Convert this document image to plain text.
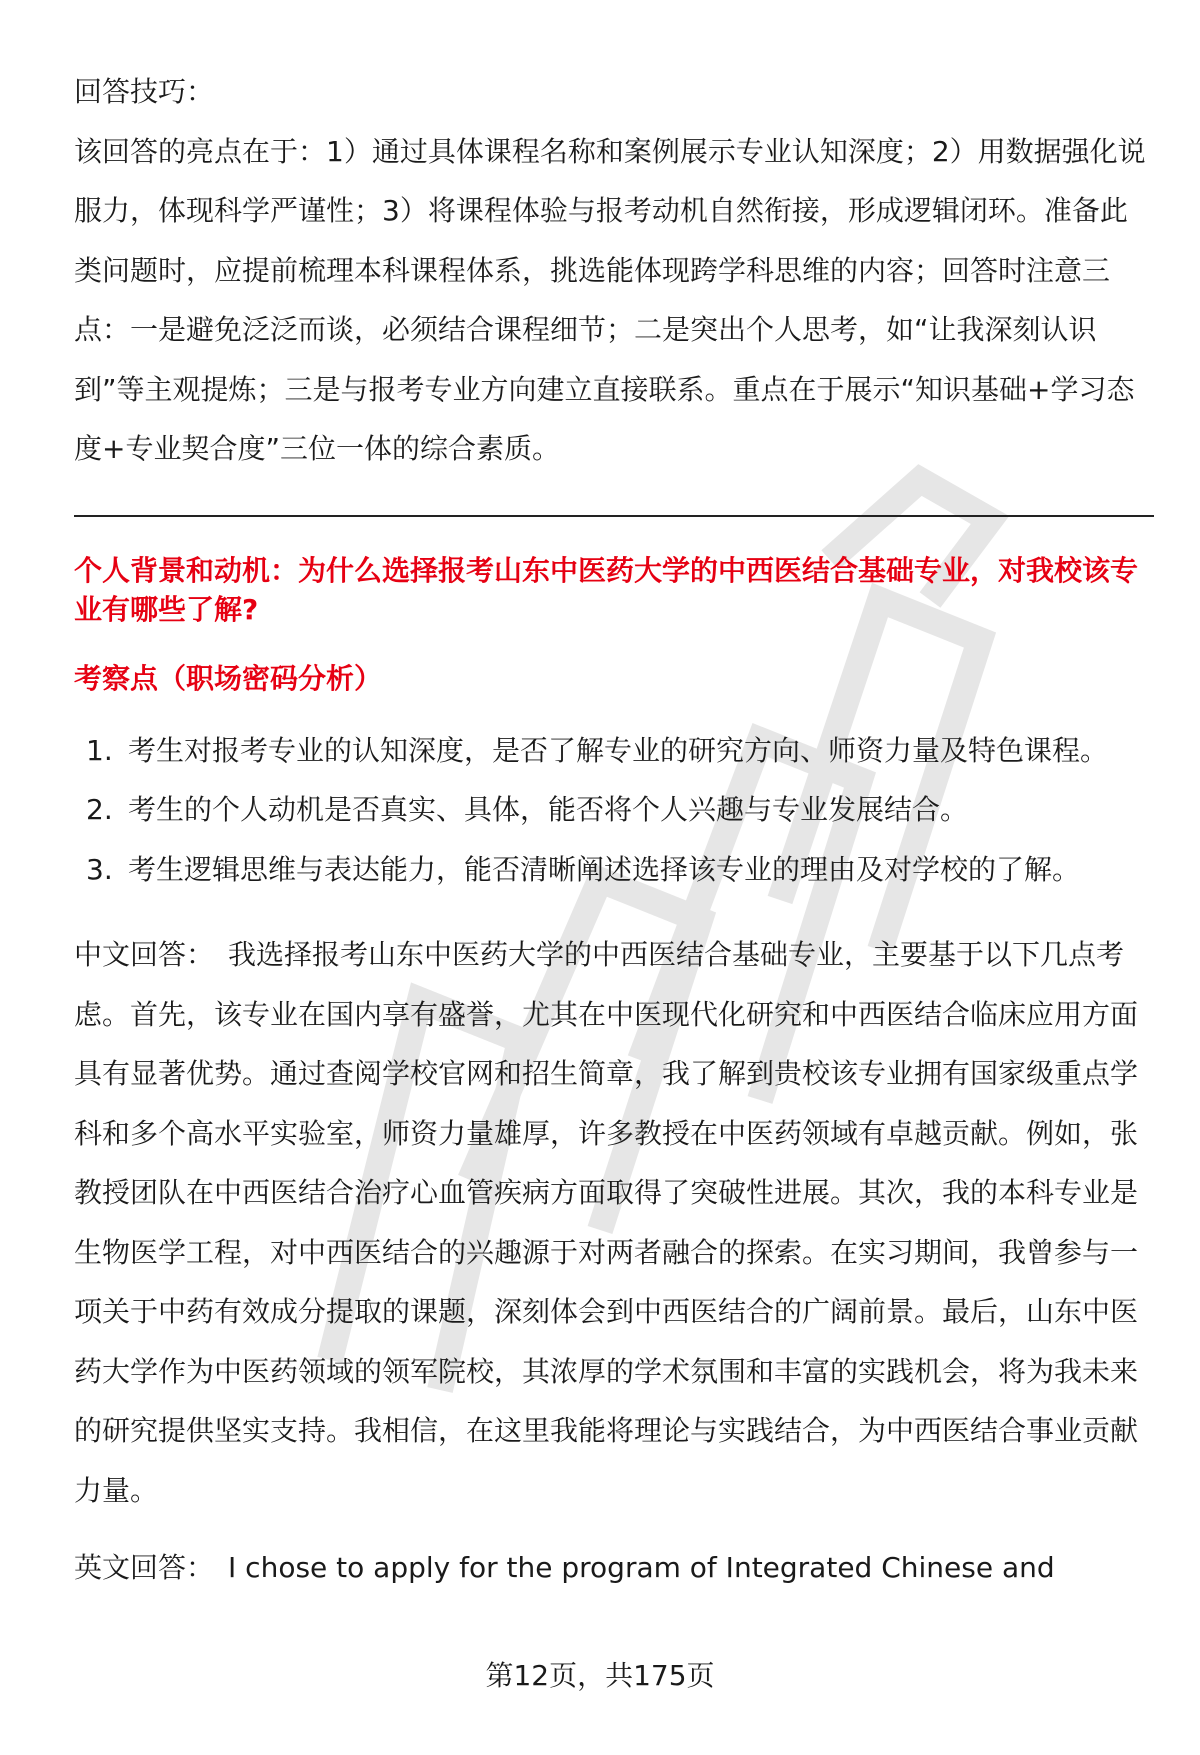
回答技巧：

该回答的亮点在于：1）通过具体课程名称和案例展示专业认知深度；2）用数据强化说服力，体现科学严谨性；3）将课程体验与报考动机自然衔接，形成逻辑闭环。准备此类问题时，应提前梳理本科课程体系，挑选能体现跨学科思维的内容；回答时注意三点：一是避免泛泛而谈，必须结合课程细节；二是突出个人思考，如“让我深刻认识到”等主观提炼；三是与报考专业方向建立直接联系。重点在于展示“知识基础+学习态度+专业契合度”三位一体的综合素质。

个人背景和动机：为什么选择报考山东中医药大学的中西医结合基础专业，对我校该专业有哪些了解?

考察点（职场密码分析）

1. 考生对报考专业的认知深度，是否了解专业的研究方向、师资力量及特色课程。
2. 考生的个人动机是否真实、具体，能否将个人兴趣与专业发展结合。
3. 考生逻辑思维与表达能力，能否清晰阐述选择该专业的理由及对学校的了解。

中文回答： 我选择报考山东中医药大学的中西医结合基础专业，主要基于以下几点考虑。首先，该专业在国内享有盛誉，尤其在中医现代化研究和中西医结合临床应用方面具有显著优势。通过查阅学校官网和招生简章，我了解到贵校该专业拥有国家级重点学科和多个高水平实验室，师资力量雄厚，许多教授在中医药领域有卓越贡献。例如，张教授团队在中西医结合治疗心血管疾病方面取得了突破性进展。其次，我的本科专业是生物医学工程，对中西医结合的兴趣源于对两者融合的探索。在实习期间，我曾参与一项关于中药有效成分提取的课题，深刻体会到中西医结合的广阔前景。最后，山东中医药大学作为中医药领域的领军院校，其浓厚的学术氛围和丰富的实践机会，将为我未来的研究提供坚实支持。我相信，在这里我能将理论与实践结合，为中西医结合事业贡献力量。

英文回答： I chose to apply for the program of Integrated Chinese and

第12页，共175页
